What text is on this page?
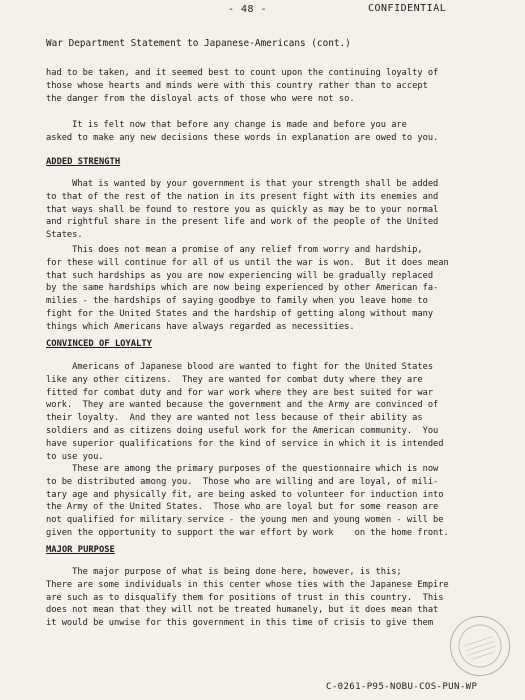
- 48 -	CONFIDENTIAL
War Department Statement to Japanese-Americans (cont.)
had to be taken, and it seemed best to count upon the continuing loyalty of
those whose hearts and minds were with this country rather than to accept
the danger from the disloyal acts of those who were not so.
It is felt now that before any change is made and before you are
asked to make any new decisions these words in explanation are owed to you.
ADDED STRENGTH
What is wanted by your government is that your strength shall be added
to that of the rest of the nation in its present fight with its enemies and
that ways shall be found to restore you as quickly as may be to your normal
and rightful share in the present life and work of the people of the United
States.
This does not mean a promise of any relief from worry and hardship,
for these will continue for all of us until the war is won.  But it does mean
that such hardships as you are now experiencing will be gradually replaced
by the same hardships which are now being experienced by other American fa-
milies - the hardships of saying goodbye to family when you leave home to
fight for the United States and the hardship of getting along without many
things which Americans have always regarded as necessities.
CONVINCED OF LOYALTY
Americans of Japanese blood are wanted to fight for the United States
like any other citizens.  They are wanted for combat duty where they are
fitted for combat duty and for war work where they are best suited for war
work.  They are wanted because the government and the Army are convinced of
their loyalty.  And they are wanted not less because of their ability as
soldiers and as citizens doing useful work for the American community.  You
have superior qualifications for the kind of service in which it is intended
to use you.
These are among the primary purposes of the questionnaire which is now
to be distributed among you.  Those who are willing and are loyal, of mili-
tary age and physically fit, are being asked to volunteer for induction into
the Army of the United States.  Those who are loyal but for some reason are
not qualified for military service - the young men and young women - will be
given the opportunity to support the war effort by work    on the home front.
MAJOR PURPOSE
The major purpose of what is being done here, however, is this;
There are some individuals in this center whose ties with the Japanese Empire
are such as to disqualify them for positions of trust in this country.  This
does not mean that they will not be treated humanely, but it does mean that
it would be unwise for this government in this time of crisis to give them
C-0261-P95-NOBU-COS-PUN-WP
